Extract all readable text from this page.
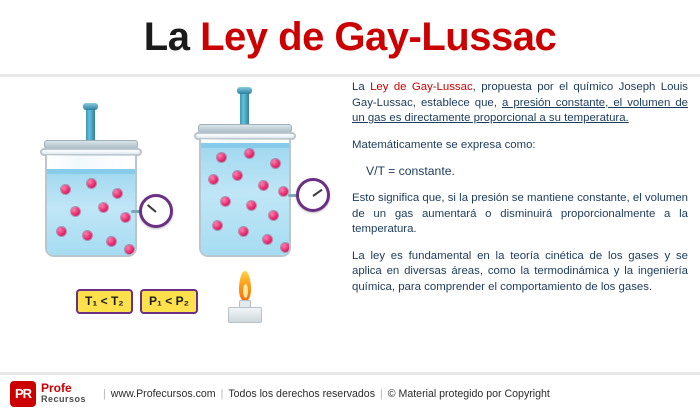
La Ley de Gay-Lussac
T₁ < T₂	P₁ < P₂

La Ley de Gay-Lussac, propuesta por el químico Joseph Louis Gay-Lussac, establece que, a presión constante, el volumen de un gas es directamente proporcional a su temperatura.

Matemáticamente se expresa como:

V/T = constante.

Esto significa que, si la presión se mantiene constante, el volumen de un gas aumentará o disminuirá proporcionalmente a la temperatura.

La ley es fundamental en la teoría cinética de los gases y se aplica en diversas áreas, como la termodinámica y la ingeniería química, para comprender el comportamiento de los gases.

PR Profe
Recursos	| www.Profecursos.com | Todos los derechos reservados | © Material protegido por Copyright
